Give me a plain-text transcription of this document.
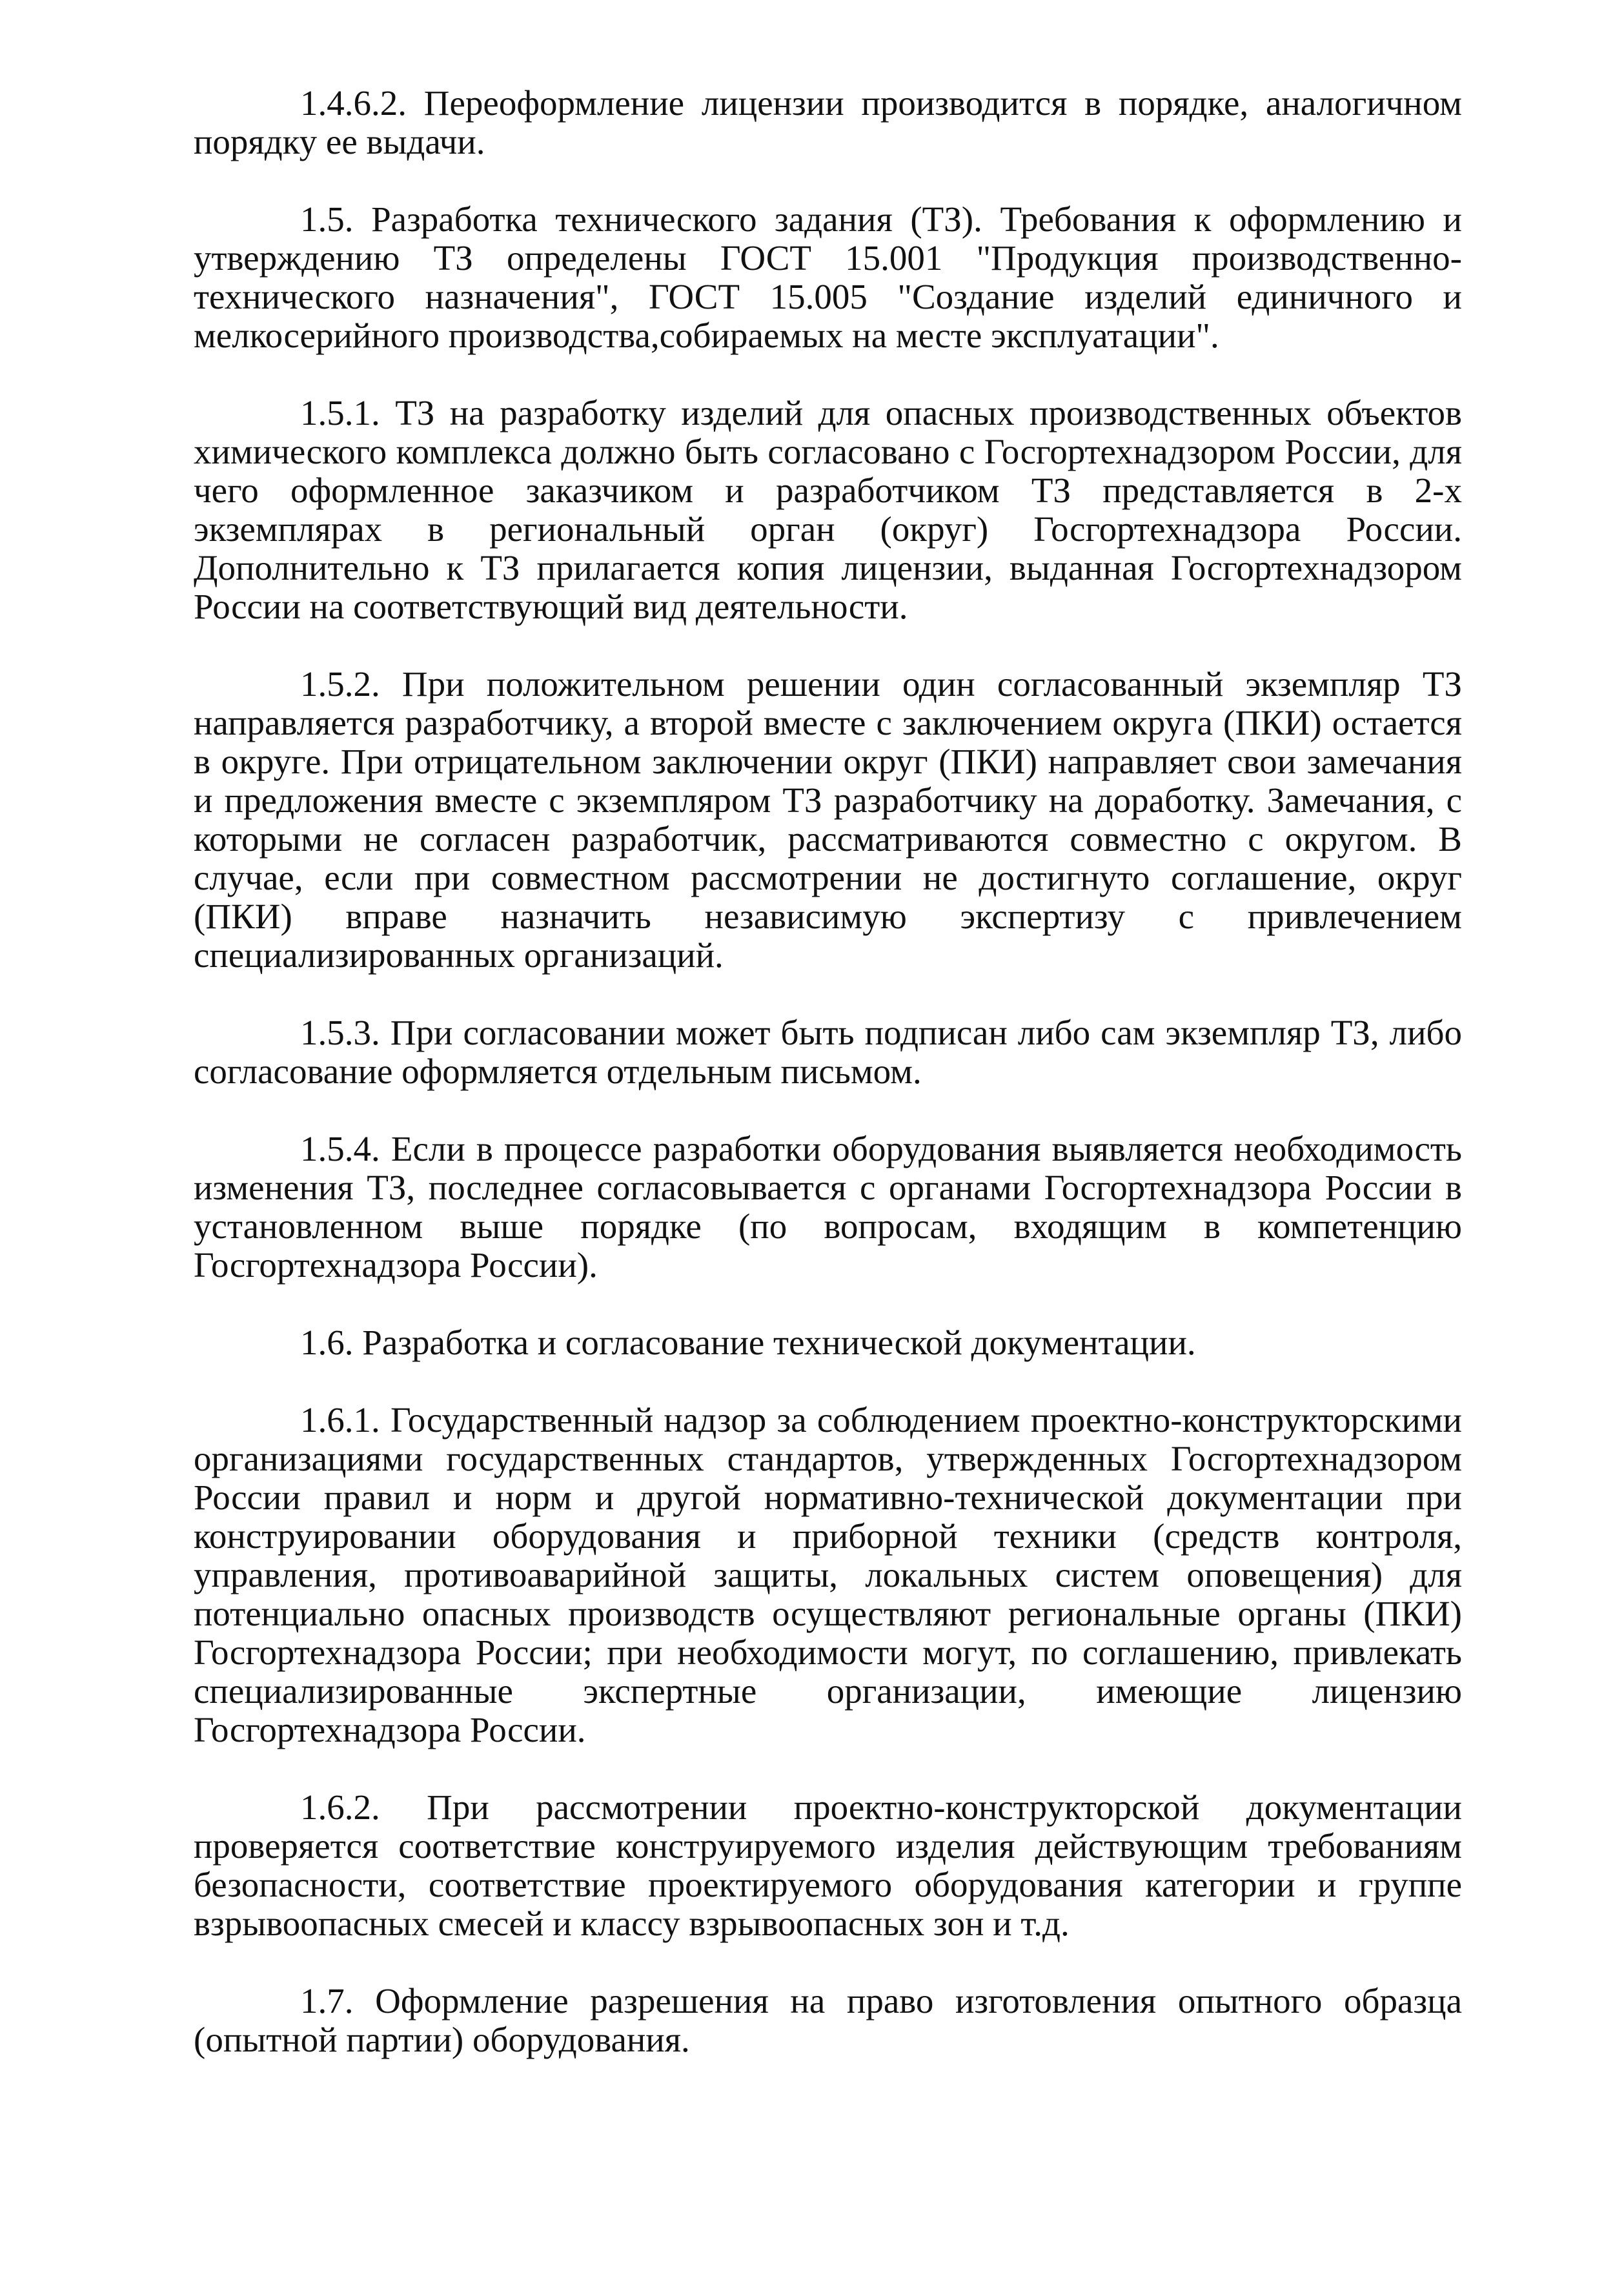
1.4.6.2. Переоформление лицензии производится в порядке, аналогичном порядку ее выдачи.

1.5. Разработка технического задания (ТЗ). Требования к оформлению и утверждению ТЗ определены ГОСТ 15.001 "Продукция производственно-технического назначения", ГОСТ 15.005 "Создание изделий единичного и мелкосерийного производства,собираемых на месте эксплуатации".

1.5.1. ТЗ на разработку изделий для опасных производственных объектов химического комплекса должно быть согласовано с Госгортехнадзором России, для чего оформленное заказчиком и разработчиком ТЗ представляется в 2-х экземплярах в региональный орган (округ) Госгортехнадзора России. Дополнительно к ТЗ прилагается копия лицензии, выданная Госгортехнадзором России на соответствующий вид деятельности.

1.5.2. При положительном решении один согласованный экземпляр ТЗ направляется разработчику, а второй вместе с заключением округа (ПКИ) остается в округе. При отрицательном заключении округ (ПКИ) направляет свои замечания и предложения вместе с экземпляром ТЗ разработчику на доработку. Замечания, с которыми не согласен разработчик, рассматриваются совместно с округом. В случае, если при совместном рассмотрении не достигнуто соглашение, округ (ПКИ) вправе назначить независимую экспертизу с привлечением специализированных организаций.

1.5.3. При согласовании может быть подписан либо сам экземпляр ТЗ, либо согласование оформляется отдельным письмом.

1.5.4. Если в процессе разработки оборудования выявляется необходимость изменения ТЗ, последнее согласовывается с органами Госгортехнадзора России в установленном выше порядке (по вопросам, входящим в компетенцию Госгортехнадзора России).

1.6. Разработка и согласование технической документации.

1.6.1. Государственный надзор за соблюдением проектно-конструкторскими организациями государственных стандартов, утвержденных Госгортехнадзором России правил и норм и другой нормативно-технической документации при конструировании оборудования и приборной техники (средств контроля, управления, противоаварийной защиты, локальных систем оповещения) для потенциально опасных производств осуществляют региональные органы (ПКИ) Госгортехнадзора России; при необходимости могут, по соглашению, привлекать специализированные экспертные организации, имеющие лицензию Госгортехнадзора России.

1.6.2. При рассмотрении проектно-конструкторской документации проверяется соответствие конструируемого изделия действующим требованиям безопасности, соответствие проектируемого оборудования категории и группе взрывоопасных смесей и классу взрывоопасных зон и т.д.

1.7. Оформление разрешения на право изготовления опытного образца (опытной партии) оборудования.
